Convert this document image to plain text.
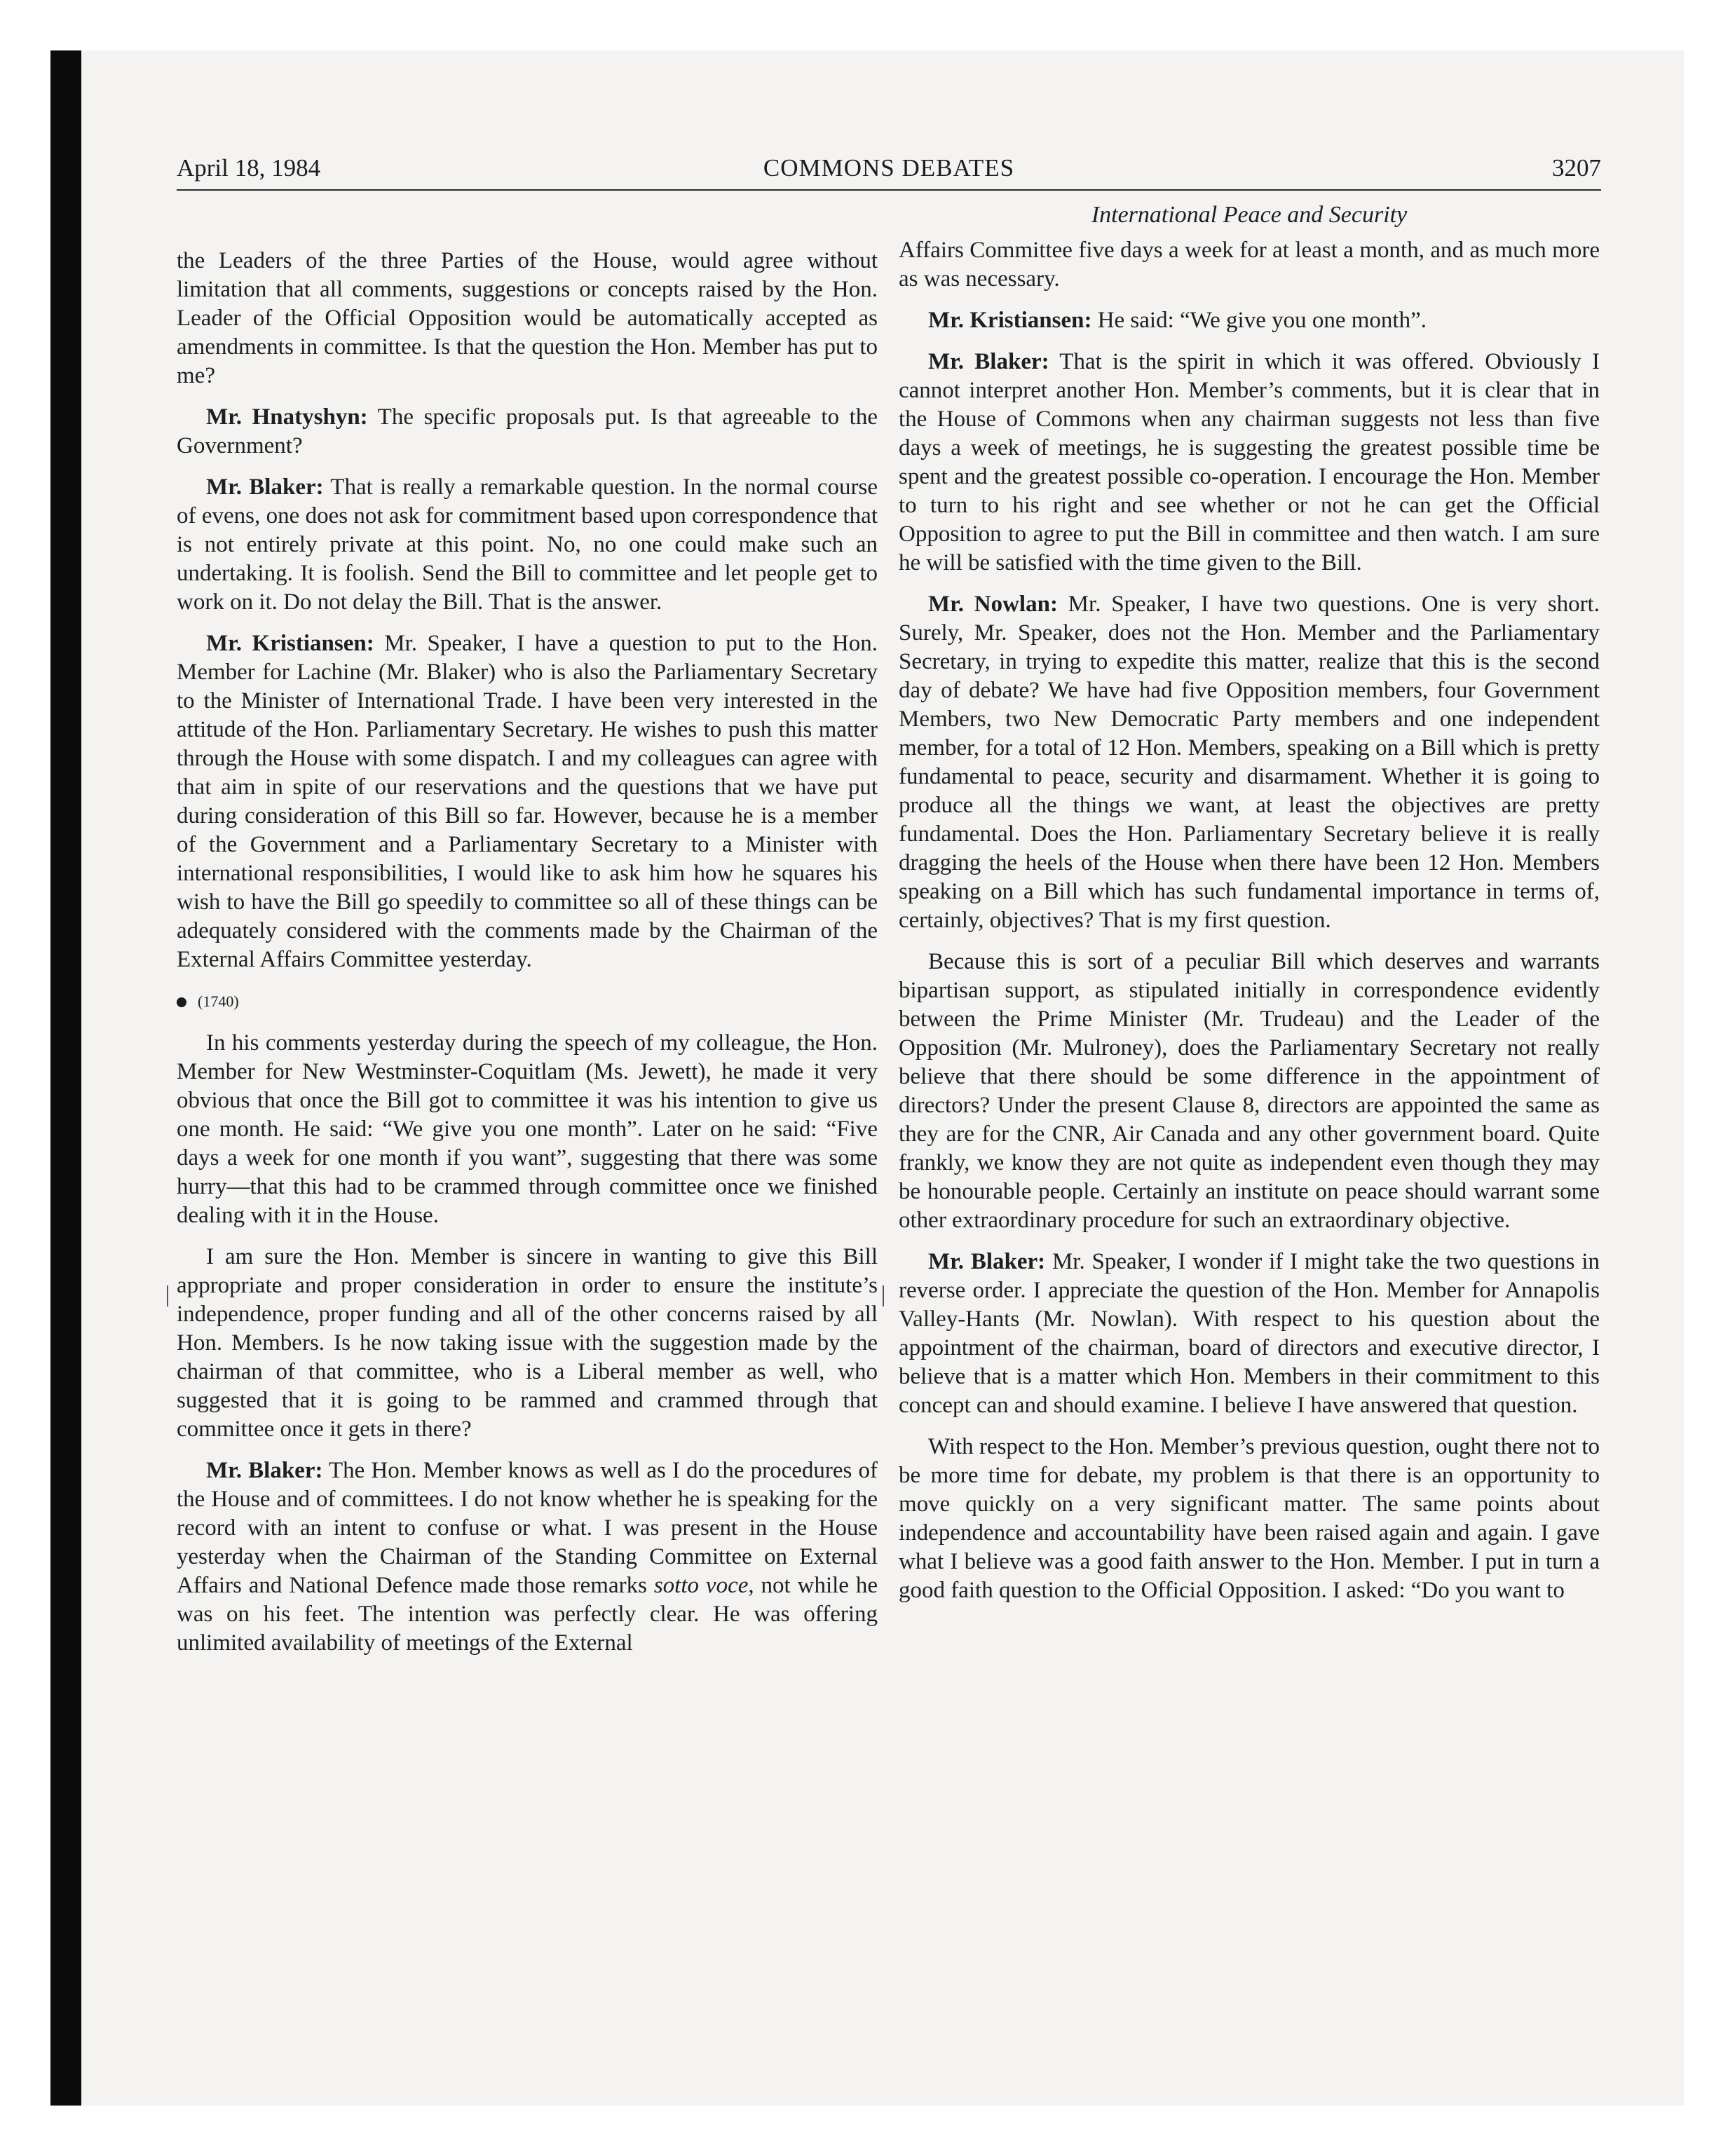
April 18, 1984	COMMONS DEBATES	3207

the Leaders of the three Parties of the House, would agree without limitation that all comments, suggestions or concepts raised by the Hon. Leader of the Official Opposition would be automatically accepted as amendments in committee. Is that the question the Hon. Member has put to me?

Mr. Hnatyshyn: The specific proposals put. Is that agreeable to the Government?

Mr. Blaker: That is really a remarkable question. In the normal course of evens, one does not ask for commitment based upon correspondence that is not entirely private at this point. No, no one could make such an undertaking. It is foolish. Send the Bill to committee and let people get to work on it. Do not delay the Bill. That is the answer.

Mr. Kristiansen: Mr. Speaker, I have a question to put to the Hon. Member for Lachine (Mr. Blaker) who is also the Parliamentary Secretary to the Minister of International Trade. I have been very interested in the attitude of the Hon. Parliamentary Secretary. He wishes to push this matter through the House with some dispatch. I and my colleagues can agree with that aim in spite of our reservations and the questions that we have put during consideration of this Bill so far. However, because he is a member of the Government and a Parliamentary Secretary to a Minister with international responsibilities, I would like to ask him how he squares his wish to have the Bill go speedily to committee so all of these things can be adequately considered with the comments made by the Chairman of the External Affairs Committee yesterday.

(1740)

In his comments yesterday during the speech of my colleague, the Hon. Member for New Westminster-Coquitlam (Ms. Jewett), he made it very obvious that once the Bill got to committee it was his intention to give us one month. He said: “We give you one month”. Later on he said: “Five days a week for one month if you want”, suggesting that there was some hurry—that this had to be crammed through committee once we finished dealing with it in the House.

I am sure the Hon. Member is sincere in wanting to give this Bill appropriate and proper consideration in order to ensure the institute’s independence, proper funding and all of the other concerns raised by all Hon. Members. Is he now taking issue with the suggestion made by the chairman of that committee, who is a Liberal member as well, who suggested that it is going to be rammed and crammed through that committee once it gets in there?

Mr. Blaker: The Hon. Member knows as well as I do the procedures of the House and of committees. I do not know whether he is speaking for the record with an intent to confuse or what. I was present in the House yesterday when the Chairman of the Standing Committee on External Affairs and National Defence made those remarks sotto voce, not while he was on his feet. The intention was perfectly clear. He was offering unlimited availability of meetings of the External

International Peace and Security

Affairs Committee five days a week for at least a month, and as much more as was necessary.

Mr. Kristiansen: He said: “We give you one month”.

Mr. Blaker: That is the spirit in which it was offered. Obviously I cannot interpret another Hon. Member’s comments, but it is clear that in the House of Commons when any chairman suggests not less than five days a week of meetings, he is suggesting the greatest possible time be spent and the greatest possible co-operation. I encourage the Hon. Member to turn to his right and see whether or not he can get the Official Opposition to agree to put the Bill in committee and then watch. I am sure he will be satisfied with the time given to the Bill.

Mr. Nowlan: Mr. Speaker, I have two questions. One is very short. Surely, Mr. Speaker, does not the Hon. Member and the Parliamentary Secretary, in trying to expedite this matter, realize that this is the second day of debate? We have had five Opposition members, four Government Members, two New Democratic Party members and one independent member, for a total of 12 Hon. Members, speaking on a Bill which is pretty fundamental to peace, security and disarmament. Whether it is going to produce all the things we want, at least the objectives are pretty fundamental. Does the Hon. Parliamentary Secretary believe it is really dragging the heels of the House when there have been 12 Hon. Members speaking on a Bill which has such fundamental importance in terms of, certainly, objectives? That is my first question.

Because this is sort of a peculiar Bill which deserves and warrants bipartisan support, as stipulated initially in correspondence evidently between the Prime Minister (Mr. Trudeau) and the Leader of the Opposition (Mr. Mulroney), does the Parliamentary Secretary not really believe that there should be some difference in the appointment of directors? Under the present Clause 8, directors are appointed the same as they are for the CNR, Air Canada and any other government board. Quite frankly, we know they are not quite as independent even though they may be honourable people. Certainly an institute on peace should warrant some other extraordinary procedure for such an extraordinary objective.

Mr. Blaker: Mr. Speaker, I wonder if I might take the two questions in reverse order. I appreciate the question of the Hon. Member for Annapolis Valley-Hants (Mr. Nowlan). With respect to his question about the appointment of the chairman, board of directors and executive director, I believe that is a matter which Hon. Members in their commitment to this concept can and should examine. I believe I have answered that question.

With respect to the Hon. Member’s previous question, ought there not to be more time for debate, my problem is that there is an opportunity to move quickly on a very significant matter. The same points about independence and accountability have been raised again and again. I gave what I believe was a good faith answer to the Hon. Member. I put in turn a good faith question to the Official Opposition. I asked: “Do you want to
